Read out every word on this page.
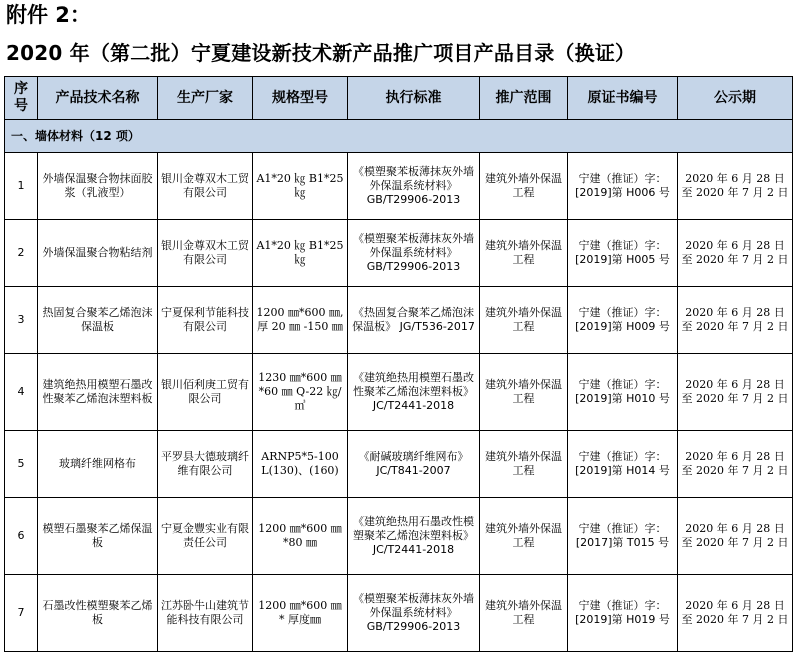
附件 2：
2020 年（第二批）宁夏建设新技术新产品推广项目产品目录（换证）
序号	产品技术名称	生产厂家	规格型号	执行标准	推广范围	原证书编号	公示期
一、墙体材料（12 项）							
1	外墙保温聚合物抹面胶浆（乳液型）	银川金尊双木工贸有限公司	A1*20 ㎏ B1*25 ㎏	《模塑聚苯板薄抹灰外墙外保温系统材料》 GB/T29906-2013	建筑外墙外保温工程	宁建（推证）字：[2019]第 H006 号	2020 年 6 月 28 日至 2020 年 7 月 2 日
2	外墙保温聚合物粘结剂	银川金尊双木工贸有限公司	A1*20 ㎏ B1*25 ㎏	《模塑聚苯板薄抹灰外墙外保温系统材料》 GB/T29906-2013	建筑外墙外保温工程	宁建（推证）字：[2019]第 H005 号	2020 年 6 月 28 日至 2020 年 7 月 2 日
3	热固复合聚苯乙烯泡沫保温板	宁夏保利节能科技有限公司	1200 ㎜*600 ㎜,厚 20 ㎜ -150 ㎜	《热固复合聚苯乙烯泡沫保温板》 JG/T536-2017	建筑外墙外保温工程	宁建（推证）字：[2019]第 H009 号	2020 年 6 月 28 日至 2020 年 7 月 2 日
4	建筑绝热用模塑石墨改性聚苯乙烯泡沫塑料板	银川佰利庚工贸有限公司	1230 ㎜*600 ㎜*60 ㎜ Q-22 ㎏/㎥	《建筑绝热用模塑石墨改性聚苯乙烯泡沫塑料板》 JC/T2441-2018	建筑外墙外保温工程	宁建（推证）字：[2019]第 H010 号	2020 年 6 月 28 日至 2020 年 7 月 2 日
5	玻璃纤维网格布	平罗县大德玻璃纤维有限公司	ARNP5*5-100 L(130)、(160)	《耐碱玻璃纤维网布》 JC/T841-2007	建筑外墙外保温工程	宁建（推证）字：[2019]第 H014 号	2020 年 6 月 28 日至 2020 年 7 月 2 日
6	模塑石墨聚苯乙烯保温板	宁夏金豐实业有限责任公司	1200 ㎜*600 ㎜*80 ㎜	《建筑绝热用石墨改性模塑聚苯乙烯泡沫塑料板》 JC/T2441-2018	建筑外墙外保温工程	宁建（推证）字：[2017]第 T015 号	2020 年 6 月 28 日至 2020 年 7 月 2 日
7	石墨改性模塑聚苯乙烯板	江苏卧牛山建筑节能科技有限公司	1200 ㎜*600 ㎜* 厚度㎜	《模塑聚苯板薄抹灰外墙外保温系统材料》 GB/T29906-2013	建筑外墙外保温工程	宁建（推证）字：[2019]第 H019 号	2020 年 6 月 28 日至 2020 年 7 月 2 日
